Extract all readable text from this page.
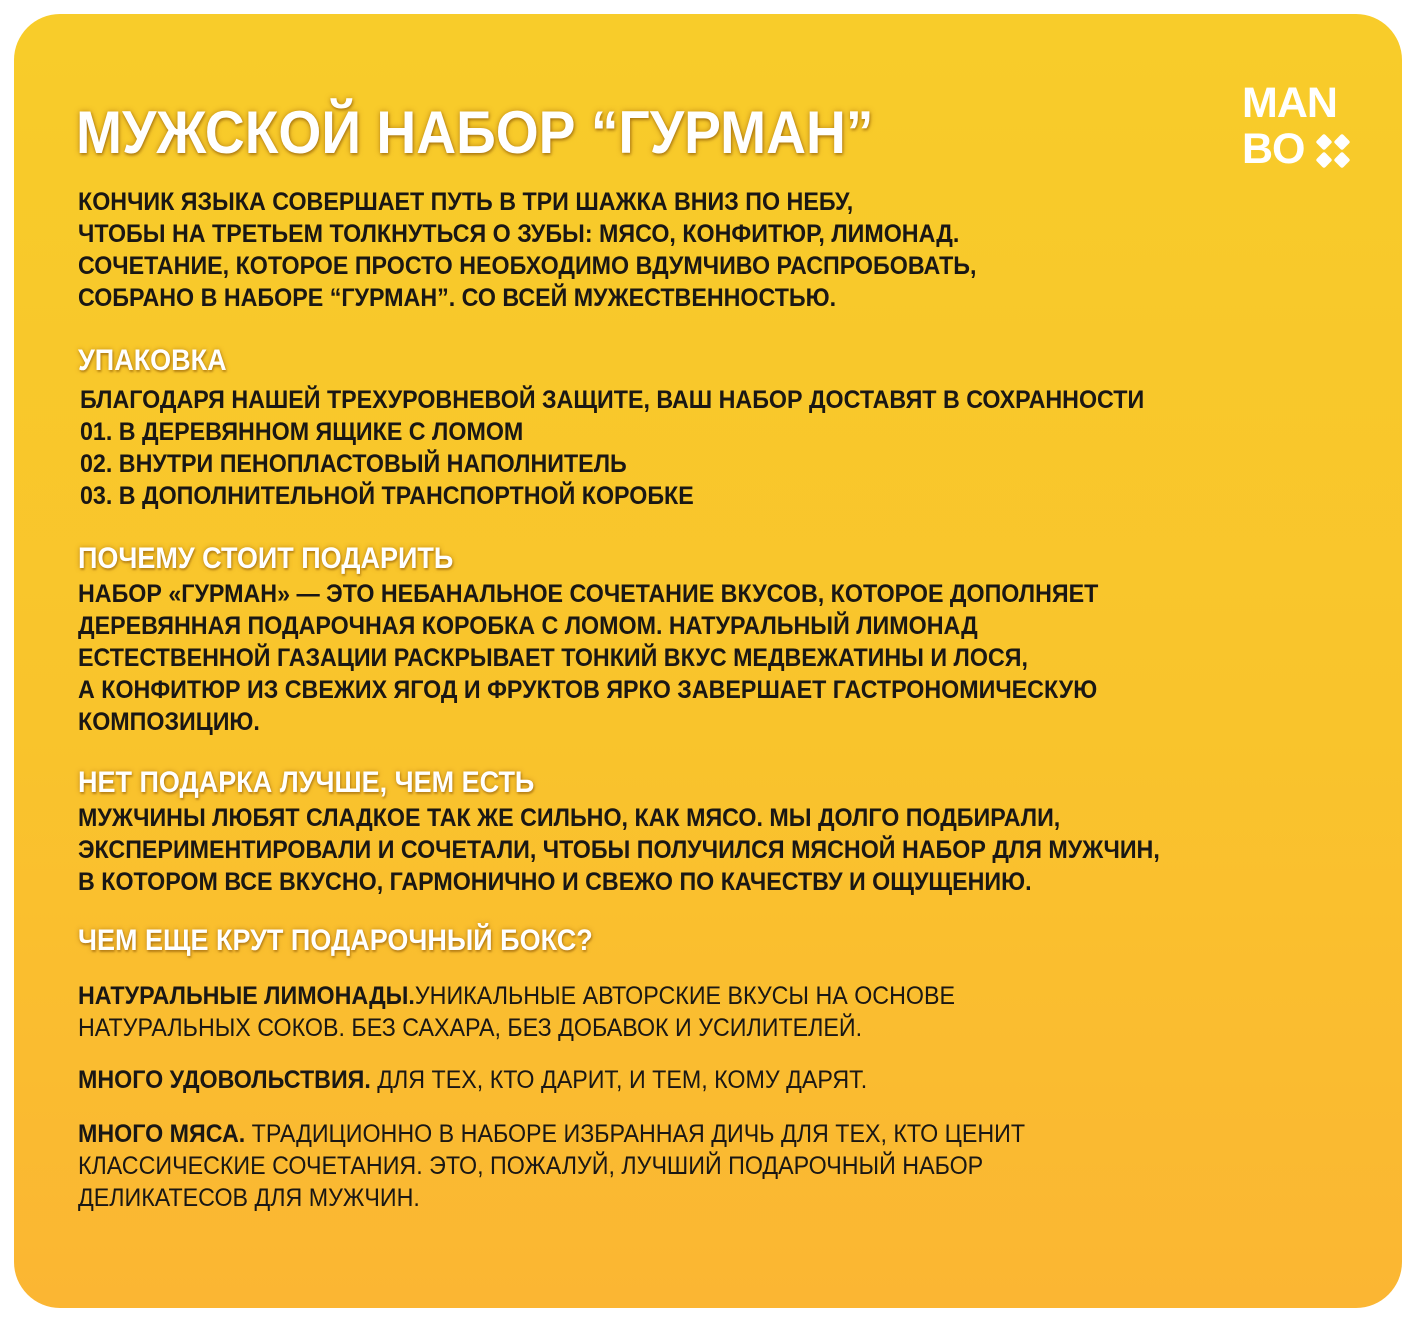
МУЖСКОЙ НАБОР “ГУРМАН”	MAN
BO
КОНЧИК ЯЗЫКА СОВЕРШАЕТ ПУТЬ В ТРИ ШАЖКА ВНИЗ ПО НЕБУ,
ЧТОБЫ НА ТРЕТЬЕМ ТОЛКНУТЬСЯ О ЗУБЫ: МЯСО, КОНФИТЮР, ЛИМОНАД.
СОЧЕТАНИЕ, КОТОРОЕ ПРОСТО НЕОБХОДИМО ВДУМЧИВО РАСПРОБОВАТЬ,
СОБРАНО В НАБОРЕ “ГУРМАН”. СО ВСЕЙ МУЖЕСТВЕННОСТЬЮ.
УПАКОВКА
БЛАГОДАРЯ НАШЕЙ ТРЕХУРОВНЕВОЙ ЗАЩИТЕ, ВАШ НАБОР ДОСТАВЯТ В СОХРАННОСТИ
01. В ДЕРЕВЯННОМ ЯЩИКЕ С ЛОМОМ
02. ВНУТРИ ПЕНОПЛАСТОВЫЙ НАПОЛНИТЕЛЬ
03. В ДОПОЛНИТЕЛЬНОЙ ТРАНСПОРТНОЙ КОРОБКЕ
ПОЧЕМУ СТОИТ ПОДАРИТЬ
НАБОР «ГУРМАН» — ЭТО НЕБАНАЛЬНОЕ СОЧЕТАНИЕ ВКУСОВ, КОТОРОЕ ДОПОЛНЯЕТ
ДЕРЕВЯННАЯ ПОДАРОЧНАЯ КОРОБКА С ЛОМОМ. НАТУРАЛЬНЫЙ ЛИМОНАД
ЕСТЕСТВЕННОЙ ГАЗАЦИИ РАСКРЫВАЕТ ТОНКИЙ ВКУС МЕДВЕЖАТИНЫ И ЛОСЯ,
А КОНФИТЮР ИЗ СВЕЖИХ ЯГОД И ФРУКТОВ ЯРКО ЗАВЕРШАЕТ ГАСТРОНОМИЧЕСКУЮ
КОМПОЗИЦИЮ.
НЕТ ПОДАРКА ЛУЧШЕ, ЧЕМ ЕСТЬ
МУЖЧИНЫ ЛЮБЯТ СЛАДКОЕ ТАК ЖЕ СИЛЬНО, КАК МЯСО. МЫ ДОЛГО ПОДБИРАЛИ,
ЭКСПЕРИМЕНТИРОВАЛИ И СОЧЕТАЛИ, ЧТОБЫ ПОЛУЧИЛСЯ МЯСНОЙ НАБОР ДЛЯ МУЖЧИН,
В КОТОРОМ ВСЕ ВКУСНО, ГАРМОНИЧНО И СВЕЖО ПО КАЧЕСТВУ И ОЩУЩЕНИЮ.
ЧЕМ ЕЩЕ КРУТ ПОДАРОЧНЫЙ БОКС?
НАТУРАЛЬНЫЕ ЛИМОНАДЫ.УНИКАЛЬНЫЕ АВТОРСКИЕ ВКУСЫ НА ОСНОВЕ
НАТУРАЛЬНЫХ СОКОВ. БЕЗ САХАРА, БЕЗ ДОБАВОК И УСИЛИТЕЛЕЙ.
МНОГО УДОВОЛЬСТВИЯ. ДЛЯ ТЕХ, КТО ДАРИТ, И ТЕМ, КОМУ ДАРЯТ.
МНОГО МЯСА. ТРАДИЦИОННО В НАБОРЕ ИЗБРАННАЯ ДИЧЬ ДЛЯ ТЕХ, КТО ЦЕНИТ
КЛАССИЧЕСКИЕ СОЧЕТАНИЯ. ЭТО, ПОЖАЛУЙ, ЛУЧШИЙ ПОДАРОЧНЫЙ НАБОР
ДЕЛИКАТЕСОВ ДЛЯ МУЖЧИН.
